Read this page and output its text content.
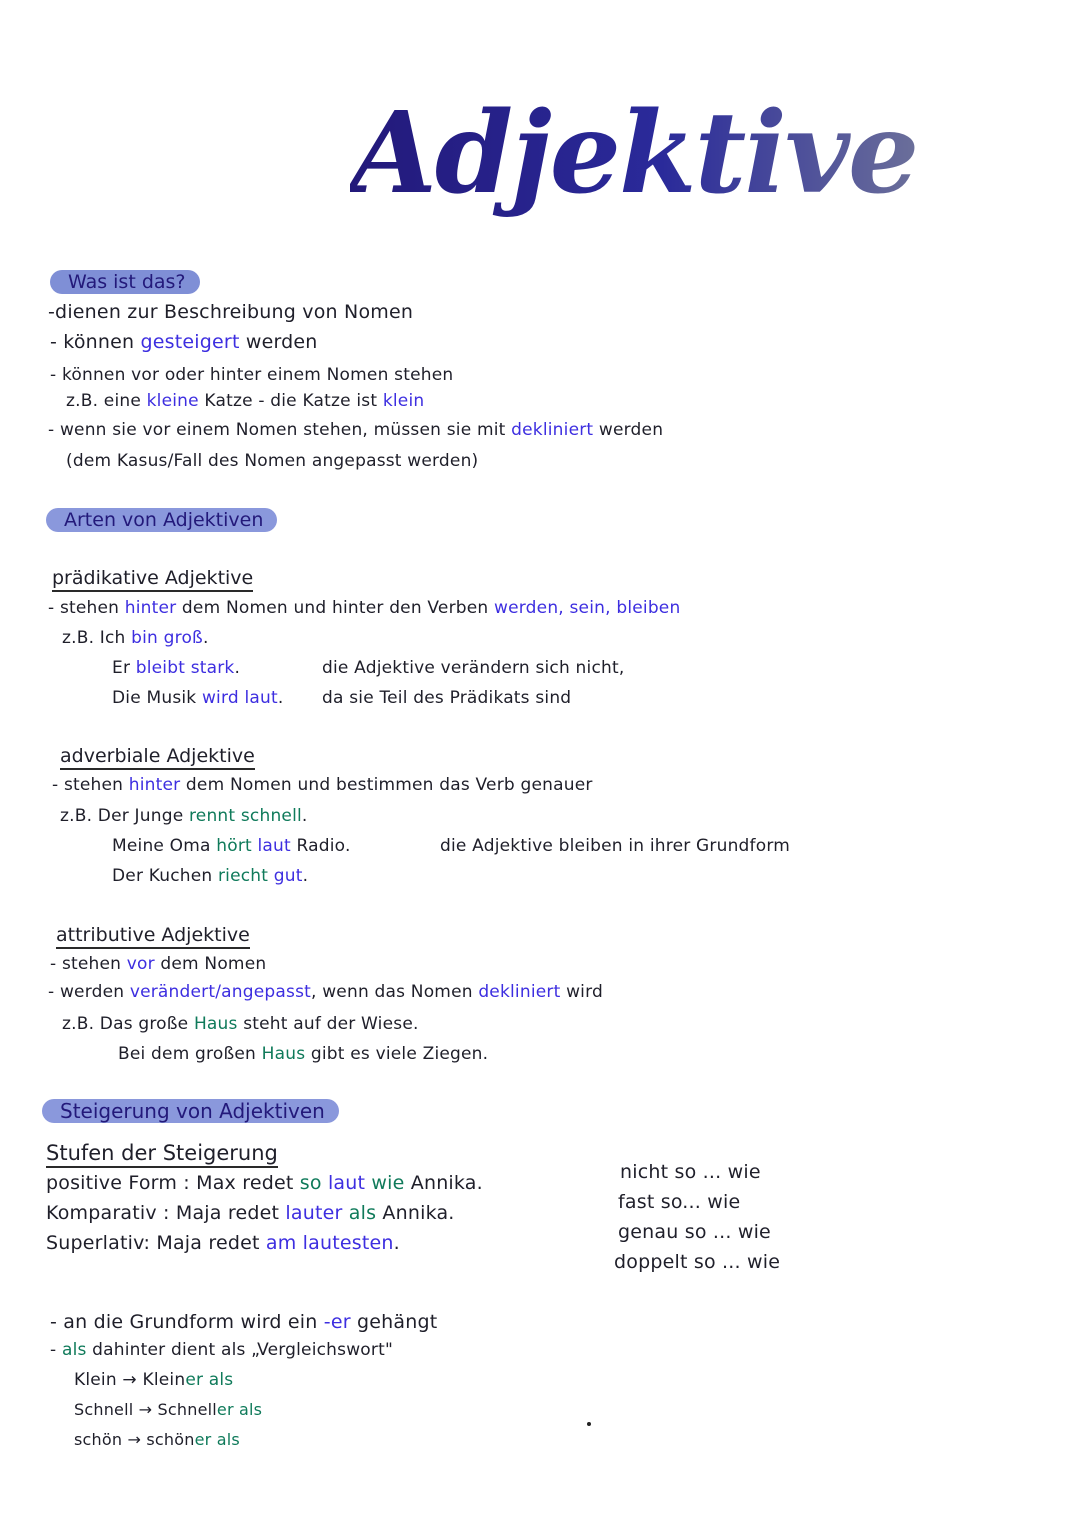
Adjektive
Was ist das?
-dienen zur Beschreibung von Nomen
- können gesteigert werden
- können vor oder hinter einem Nomen stehen
z.B. eine kleine Katze - die Katze ist klein
- wenn sie vor einem Nomen stehen, müssen sie mit dekliniert werden
(dem Kasus/Fall des Nomen angepasst werden)
Arten von Adjektiven
prädikative Adjektive
- stehen hinter dem Nomen und hinter den Verben werden, sein, bleiben
z.B. Ich bin groß.
Er bleibt stark.
Die Musik wird laut.
die Adjektive verändern sich nicht,
da sie Teil des Prädikats sind
adverbiale Adjektive
- stehen hinter dem Nomen und bestimmen das Verb genauer
z.B. Der Junge rennt schnell.
Meine Oma hört laut Radio.
Der Kuchen riecht gut.
die Adjektive bleiben in ihrer Grundform
attributive Adjektive
- stehen vor dem Nomen
- werden verändert/angepasst, wenn das Nomen dekliniert wird
z.B. Das große Haus steht auf der Wiese.
Bei dem großen Haus gibt es viele Ziegen.
Steigerung von Adjektiven
Stufen der Steigerung
positive Form : Max redet so laut wie Annika.
Komparativ : Maja redet lauter als Annika.
Superlativ: Maja redet am lautesten.
nicht so ... wie
fast so... wie
genau so ... wie
doppelt so ... wie
- an die Grundform wird ein -er gehängt
- als dahinter dient als „Vergleichswort"
Klein → Kleiner als
Schnell → Schneller als
schön → schöner als
